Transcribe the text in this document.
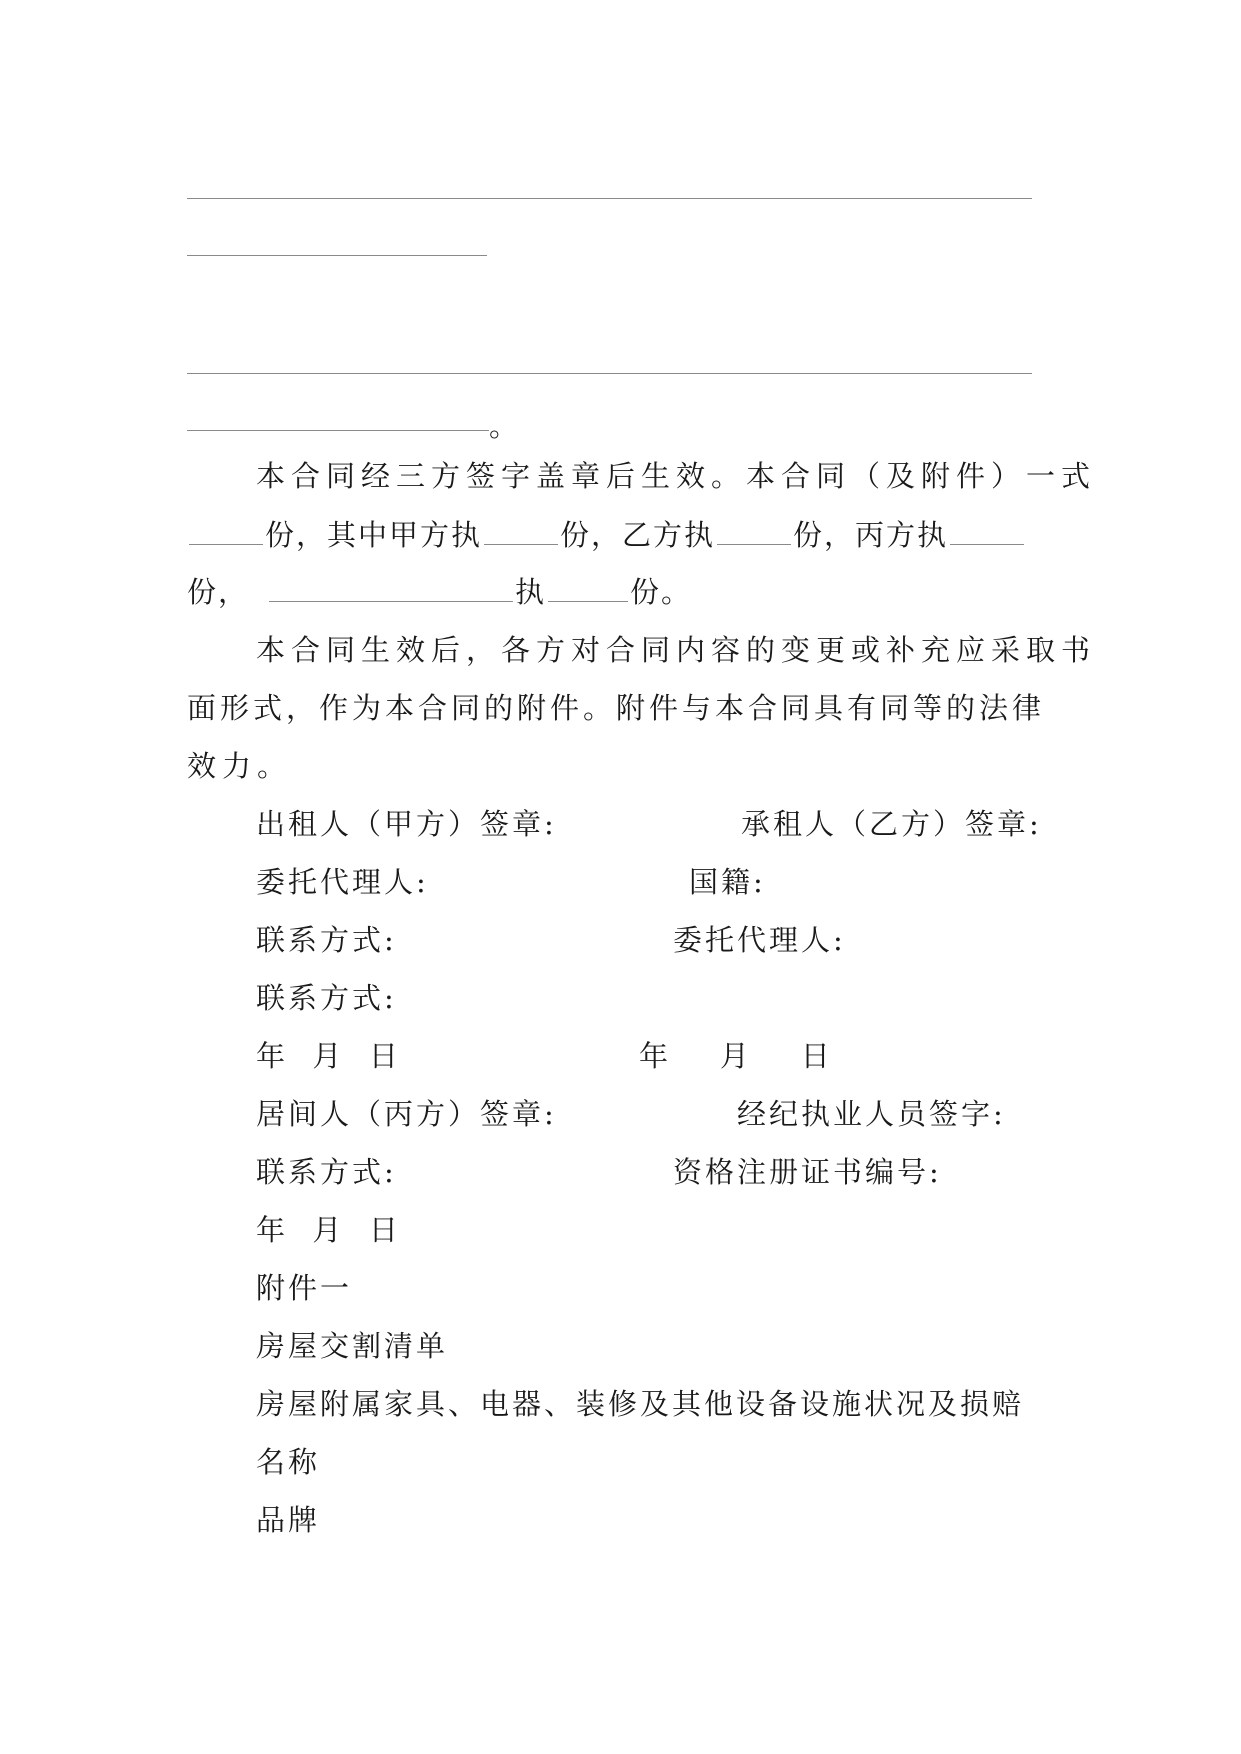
。
本合同经三方签字盖章后生效。本合同（及附件）一式
份，其中甲方执	份，乙方执	份，丙方执
份，	执	份。
本合同生效后，各方对合同内容的变更或补充应采取书
面形式，作为本合同的附件。附件与本合同具有同等的法律
效力。
出租人（甲方）签章:	承租人（乙方）签章:
委托代理人:	国籍:
联系方式:	委托代理人:
联系方式:
年  月  日	年    月    日
居间人（丙方）签章:	经纪执业人员签字:
联系方式:	资格注册证书编号:
年  月  日
附件一
房屋交割清单
房屋附属家具、电器、装修及其他设备设施状况及损赔
名称
品牌
